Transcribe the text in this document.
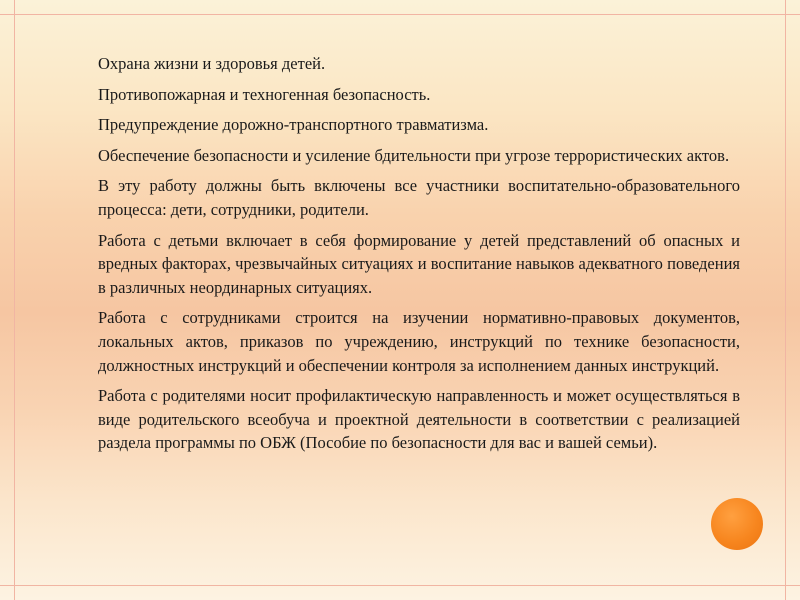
Охрана жизни и здоровья детей.
Противопожарная и техногенная безопасность.
Предупреждение дорожно-транспортного травматизма.
Обеспечение безопасности и усиление бдительности при угрозе террористических актов.
В эту работу должны быть включены все участники воспитательно-образовательного процесса: дети, сотрудники, родители.
Работа с детьми включает в себя формирование у детей представлений об опасных и вредных факторах, чрезвычайных ситуациях и воспитание навыков адекватного поведения в различных неординарных ситуациях.
Работа с сотрудниками строится на изучении нормативно-правовых документов, локальных актов, приказов по учреждению, инструкций по технике безопасности, должностных инструкций и обеспечении контроля за исполнением данных инструкций.
Работа с родителями носит профилактическую направленность и может осуществляться в виде родительского всеобуча и проектной деятельности в соответствии с реализацией раздела программы по ОБЖ (Пособие по безопасности для вас и вашей семьи).
